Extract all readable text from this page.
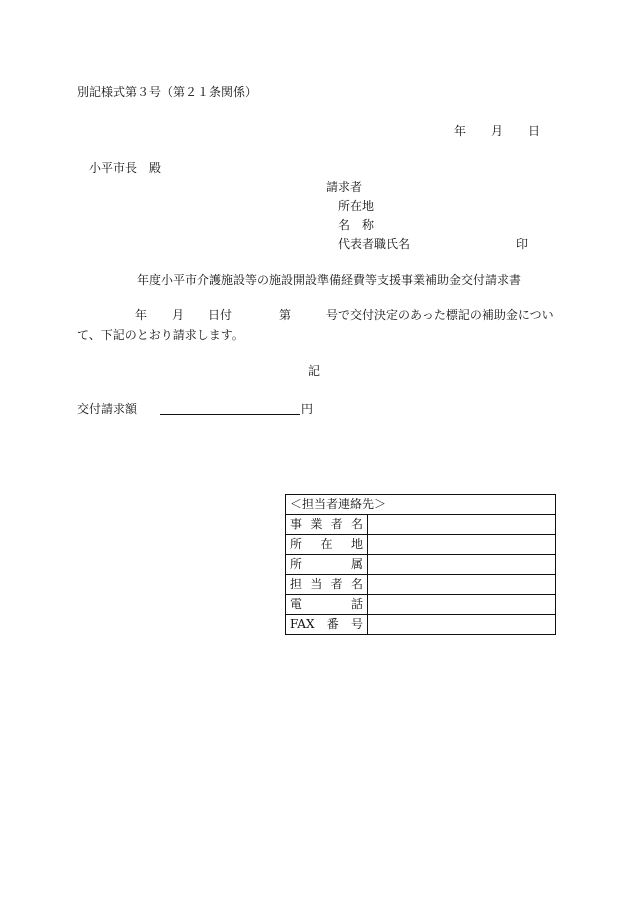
別記様式第３号（第２１条関係）
年 月 日
小平市長　殿
請求者
所在地
名　称
代表者職氏名	印
年度小平市介護施設等の施設開設準備経費等支援事業補助金交付請求書
年 月 日付	第	号で交付決定のあった標記の補助金につい
て、下記のとおり請求します。
記
交付請求額	円
＜担当者連絡先＞	
事業者名	
所在地	
所属	
担当者名	
電話	
FAX番号	
